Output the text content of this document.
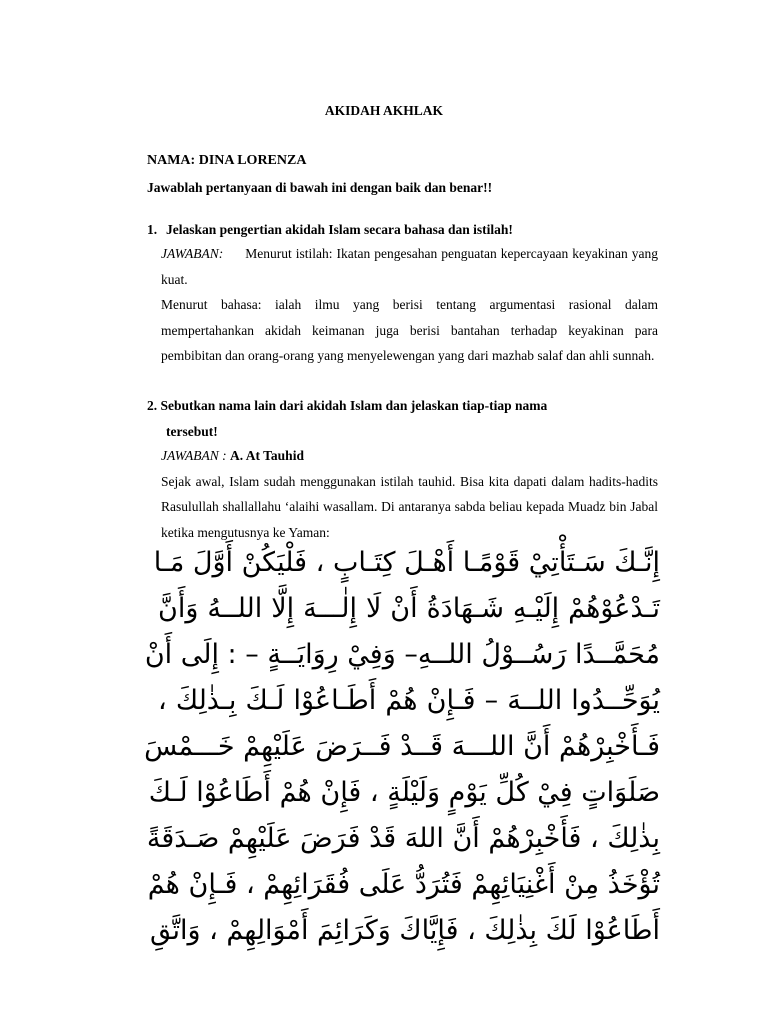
AKIDAH AKHLAK
NAMA: DINA LORENZA
Jawablah pertanyaan di bawah ini dengan baik dan benar!!
1. Jelaskan pengertian akidah Islam secara bahasa dan istilah!

JAWABAN: Menurut istilah: Ikatan pengesahan penguatan kepercayaan keyakinan yang kuat.

Menurut bahasa: ialah ilmu yang berisi tentang argumentasi rasional dalam mempertahankan akidah keimanan juga berisi bantahan terhadap keyakinan para pembibitan dan orang-orang yang menyelewengan yang dari mazhab salaf dan ahli sunnah.

2. Sebutkan nama lain dari akidah Islam dan jelaskan tiap-tiap nama
tersebut!

JAWABAN : A. At Tauhid

Sejak awal, Islam sudah menggunakan istilah tauhid. Bisa kita dapati dalam hadits-hadits Rasulullah shallallahu ‘alaihi wasallam. Di antaranya sabda beliau kepada Muadz bin Jabal ketika mengutusnya ke Yaman:

إِنَّـكَ سَـتَأْتِيْ قَوْمًـا أَهْـلَ كِتَـابٍ ، فَلْيَكُنْ أَوَّلَ مَـا
تَـدْعُوْهُمْ إِلَيْـهِ شَـهَادَةُ أَنْ لَا إِلٰـــهَ إِلَّا اللــهُ وَأَنَّ
مُحَمَّــدًا رَسُــوْلُ اللــهِ– وَفِيْ رِوَايَــةٍ – : إِلَى أَنْ
يُوَحِّــدُوا اللــهَ – فَـإِنْ هُمْ أَطَـاعُوْا لَـكَ بِـذٰلِكَ ،
فَـأَخْبِرْهُمْ أَنَّ اللـــهَ قَــدْ فَــرَضَ عَلَيْهِمْ خَـــمْسَ
صَلَوَاتٍ فِيْ كُلِّ يَوْمٍ وَلَيْلَةٍ ، فَإِنْ هُمْ أَطَاعُوْا لَـكَ
بِذٰلِكَ ، فَأَخْبِرْهُمْ أَنَّ اللهَ قَدْ فَرَضَ عَلَيْهِمْ صَـدَقَةً
تُؤْخَذُ مِنْ أَغْنِيَائِهِمْ فَتُرَدُّ عَلَى فُقَرَائِهِمْ ، فَـإِنْ هُمْ
أَطَاعُوْا لَكَ بِذٰلِكَ ، فَإِيَّاكَ وَكَرَائِمَ أَمْوَالِهِمْ ، وَاتَّقِ
